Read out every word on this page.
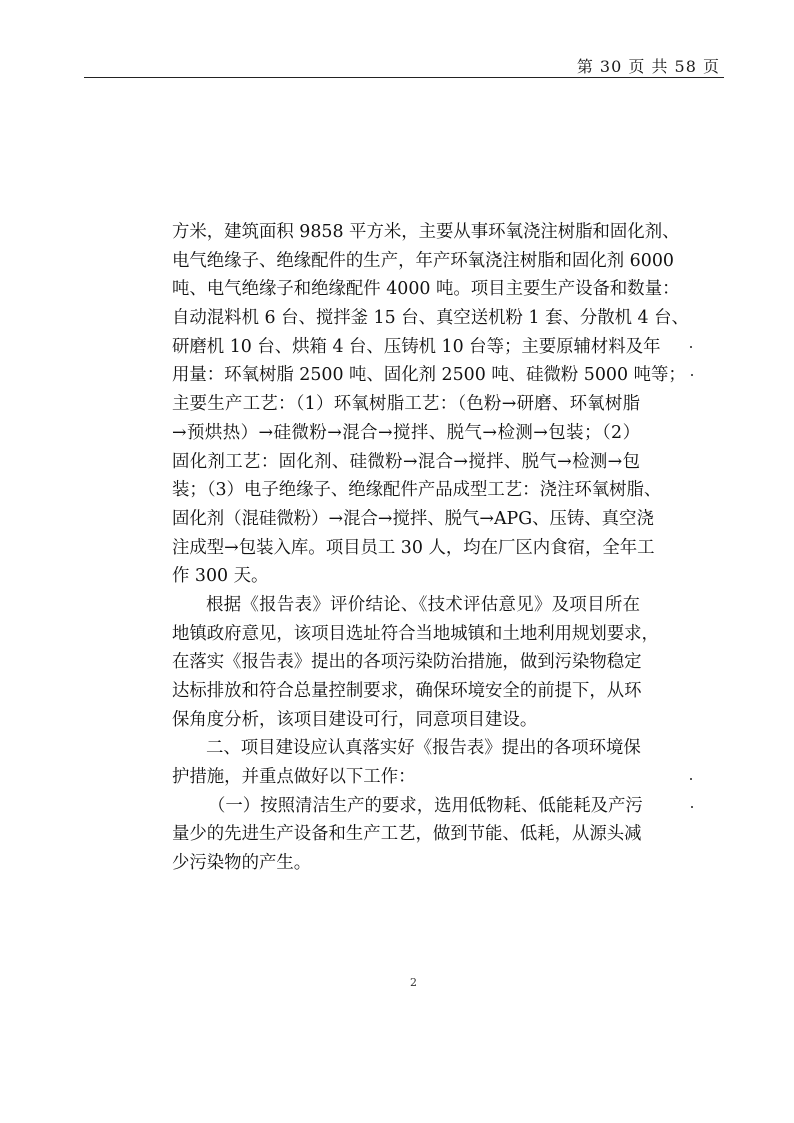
第 30 页 共 58 页
方米，建筑面积 9858 平方米，主要从事环氧浇注树脂和固化剂、
电气绝缘子、绝缘配件的生产，年产环氧浇注树脂和固化剂 6000
吨、电气绝缘子和绝缘配件 4000 吨。项目主要生产设备和数量：
自动混料机 6 台、搅拌釜 15 台、真空送机粉 1 套、分散机 4 台、
研磨机 10 台、烘箱 4 台、压铸机 10 台等；主要原辅材料及年
用量：环氧树脂 2500 吨、固化剂 2500 吨、硅微粉 5000 吨等；
主要生产工艺：（1）环氧树脂工艺：（色粉→研磨、环氧树脂
→预烘热）→硅微粉→混合→搅拌、脱气→检测→包装；（2）
固化剂工艺：固化剂、硅微粉→混合→搅拌、脱气→检测→包
装；（3）电子绝缘子、绝缘配件产品成型工艺：浇注环氧树脂、
固化剂（混硅微粉）→混合→搅拌、脱气→APG、压铸、真空浇
注成型→包装入库。项目员工 30 人，均在厂区内食宿，全年工
作 300 天。
根据《报告表》评价结论、《技术评估意见》及项目所在
地镇政府意见，该项目选址符合当地城镇和土地利用规划要求，
在落实《报告表》提出的各项污染防治措施，做到污染物稳定
达标排放和符合总量控制要求，确保环境安全的前提下，从环
保角度分析，该项目建设可行，同意项目建设。
二、项目建设应认真落实好《报告表》提出的各项环境保
护措施，并重点做好以下工作：
（一）按照清洁生产的要求，选用低物耗、低能耗及产污
量少的先进生产设备和生产工艺，做到节能、低耗，从源头减
少污染物的产生。
2
